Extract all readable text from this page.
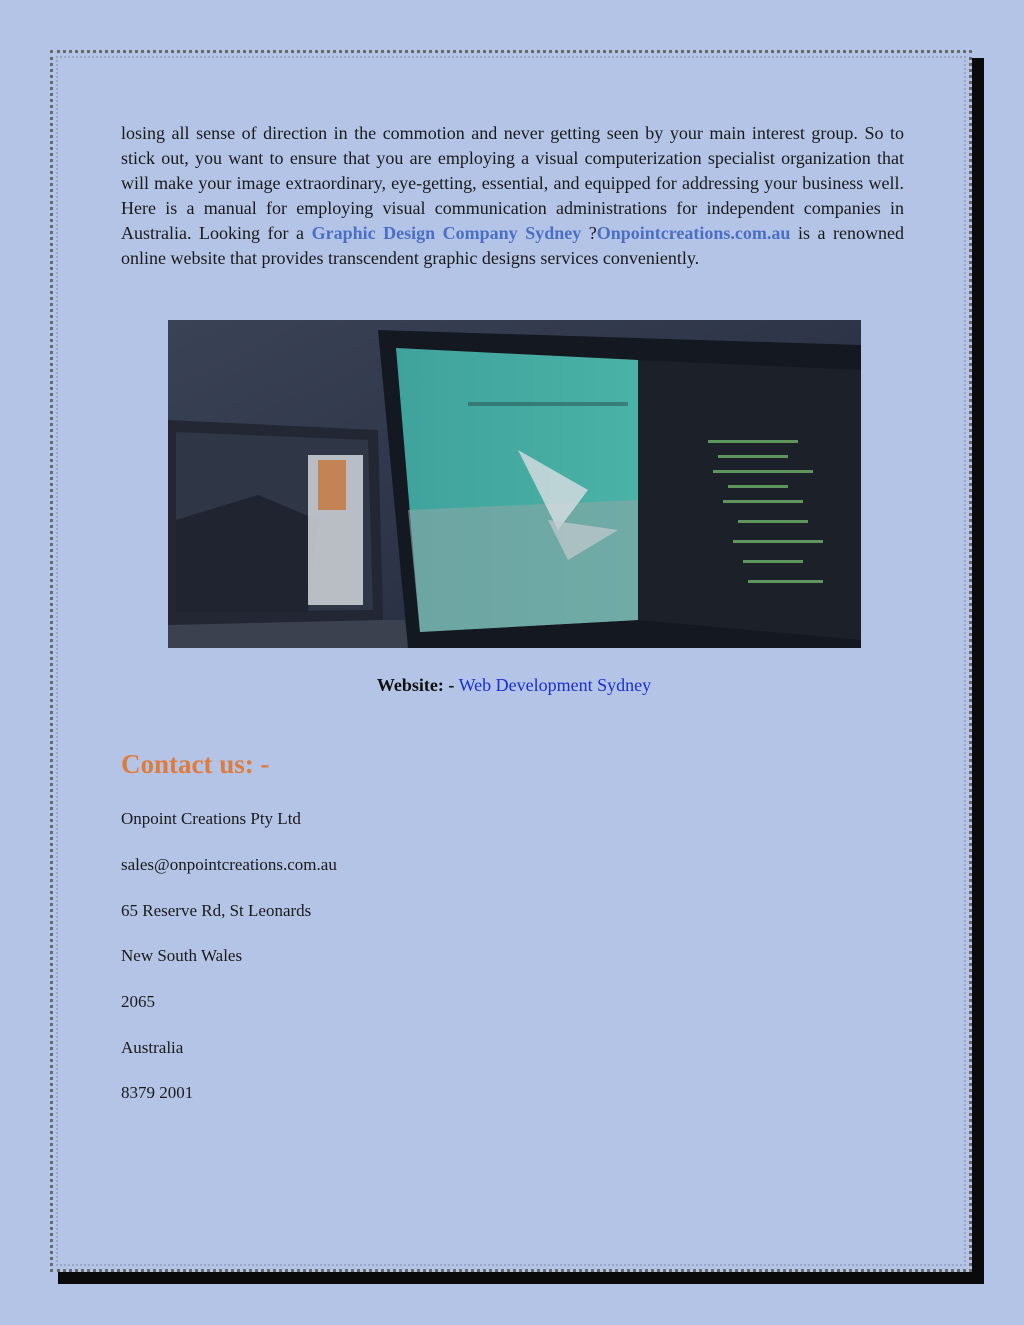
losing all sense of direction in the commotion and never getting seen by your main interest group. So to stick out, you want to ensure that you are employing a visual computerization specialist organization that will make your image extraordinary, eye-getting, essential, and equipped for addressing your business well. Here is a manual for employing visual communication administrations for independent companies in Australia. Looking for a Graphic Design Company Sydney ?Onpointcreations.com.au is a renowned online website that provides transcendent graphic designs services conveniently.

Website: - Web Development Sydney
Contact us: -
Onpoint Creations Pty Ltd
sales@onpointcreations.com.au
65 Reserve Rd, St Leonards
New South Wales
2065
Australia
8379 2001
